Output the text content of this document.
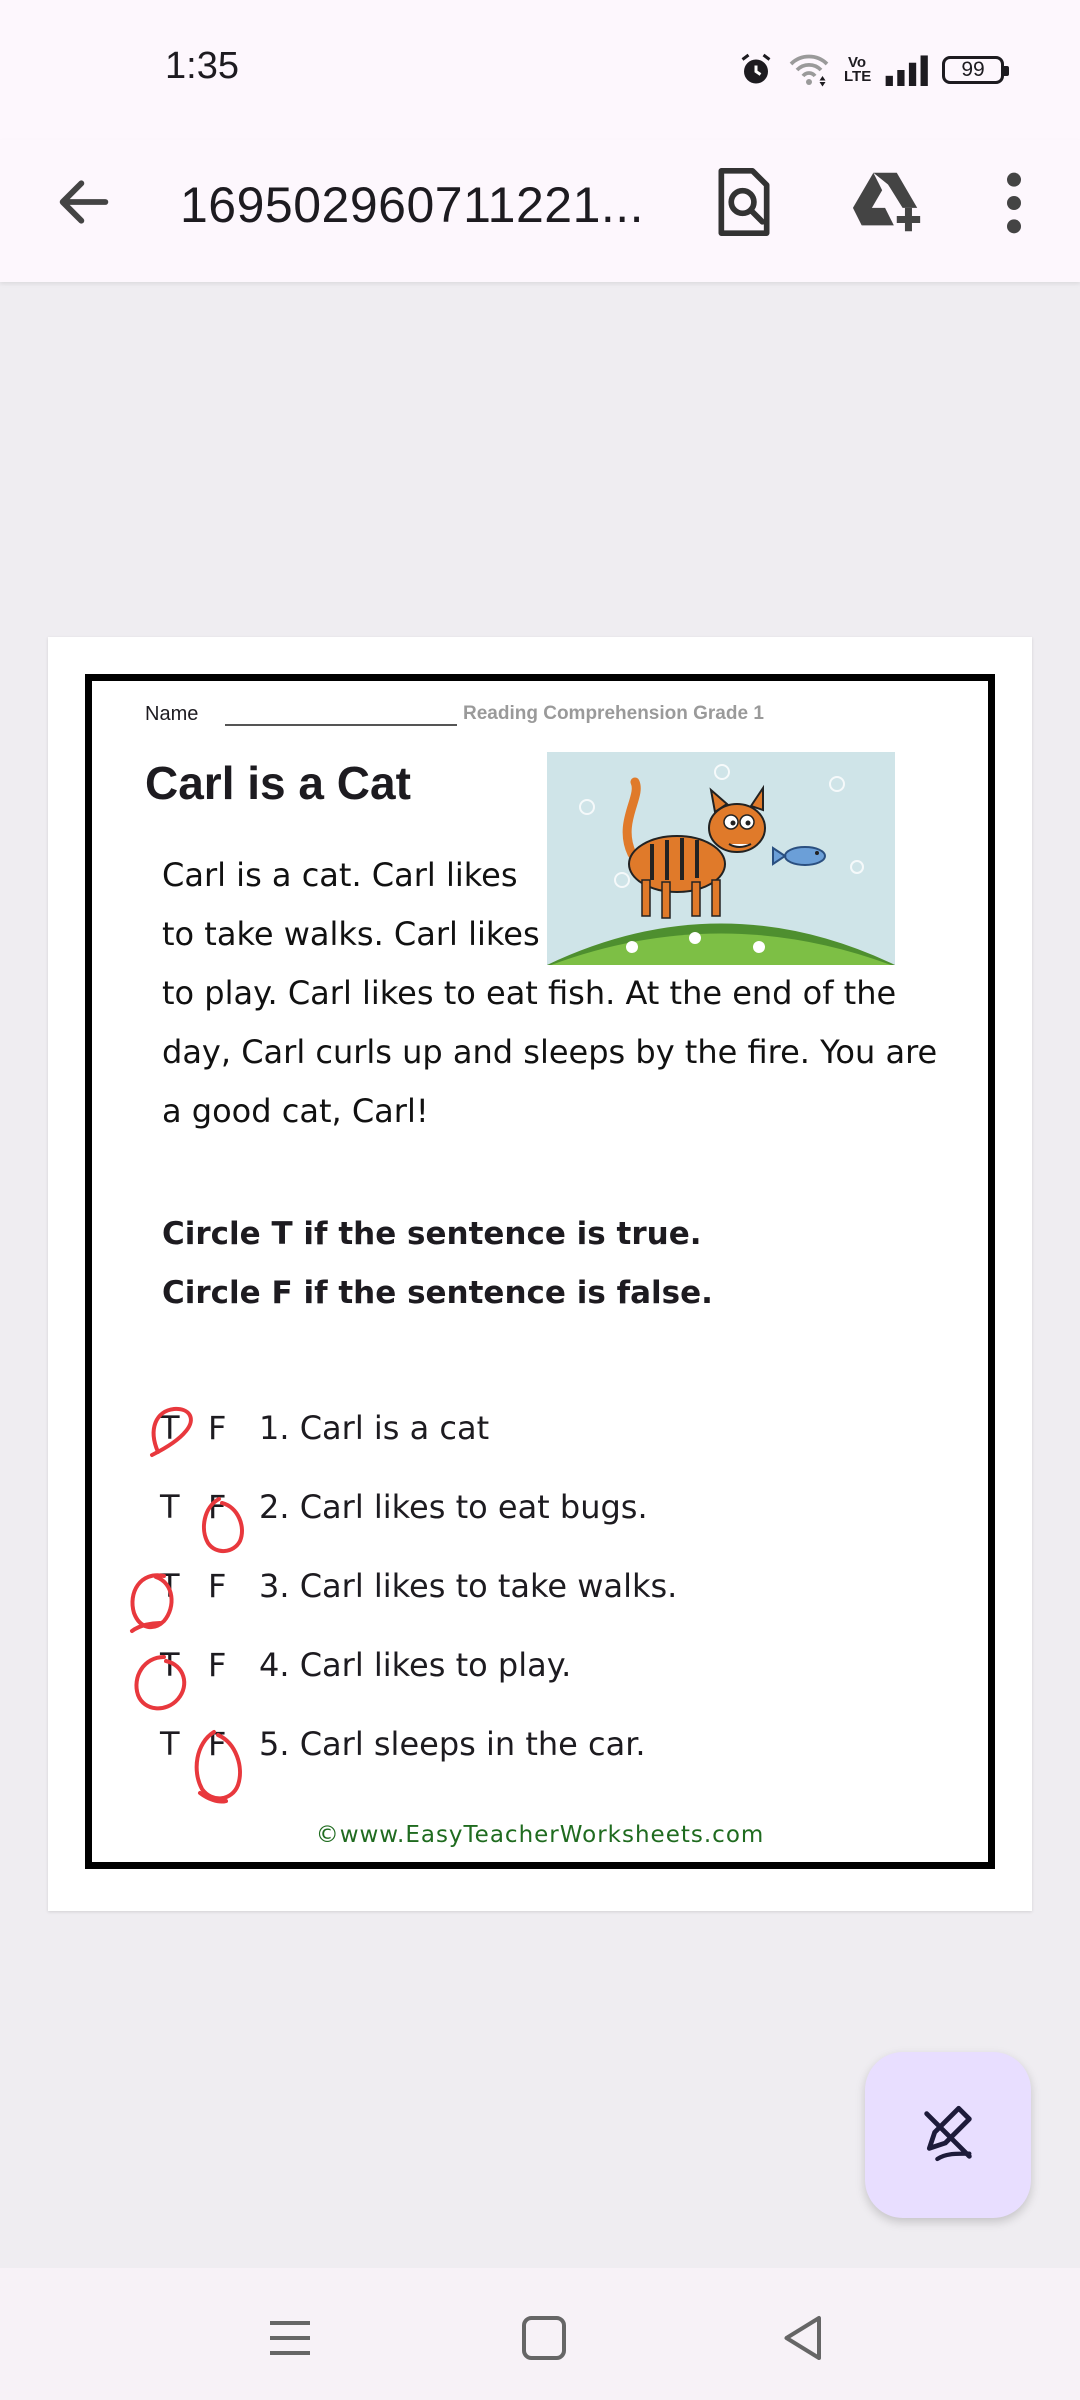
1:35	Vo
LTE	99
169502960711221...
Name	Reading Comprehension Grade 1
Carl is a Cat
Carl is a cat. Carl likes
to take walks. Carl likes
to play. Carl likes to eat fish. At the end of the
day, Carl curls up and sleeps by the fire. You are
a good cat, Carl!
Circle T if the sentence is true.
Circle F if the sentence is false.
T F 1. Carl is a cat
T F 2. Carl likes to eat bugs.
T F 3. Carl likes to take walks.
T F 4. Carl likes to play.
T F 5. Carl sleeps in the car.
©www.EasyTeacherWorksheets.com
